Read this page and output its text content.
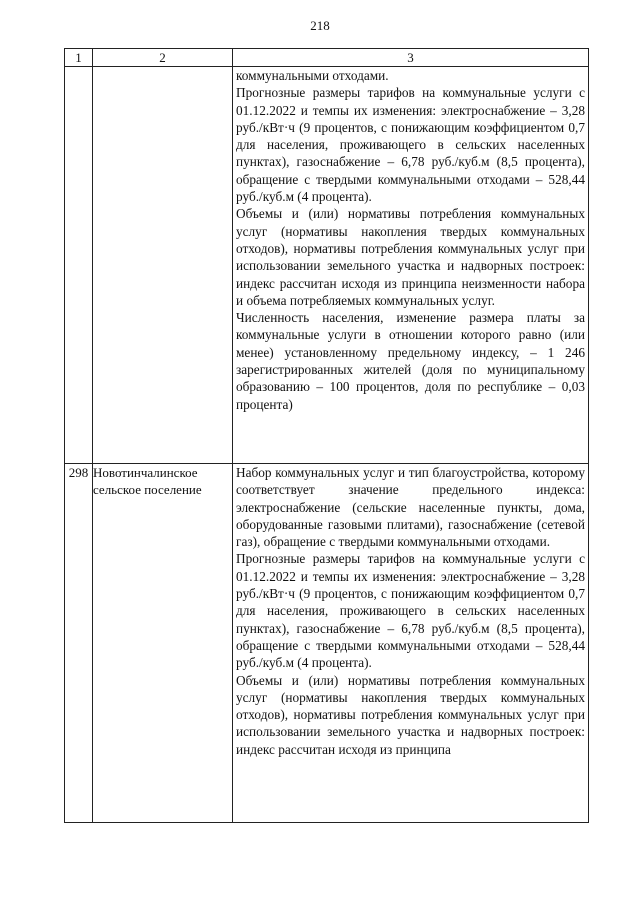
218
1	2	3

		коммунальными отходами.

Прогнозные размеры тарифов на коммунальные услуги с 01.12.2022 и темпы их изменения: электроснабжение – 3,28 руб./кВт·ч (9 процентов, с понижающим коэффициентом 0,7 для населения, проживающего в сельских населенных пунктах), газоснабжение – 6,78 руб./куб.м (8,5 процента), обращение с твердыми коммунальными отходами – 528,44 руб./куб.м (4 процента).

Объемы и (или) нормативы потребления коммунальных услуг (нормативы накопления твердых коммунальных отходов), нормативы потребления коммунальных услуг при использовании земельного участка и надворных построек: индекс рассчитан исходя из принципа неизменности набора и объема потребляемых коммунальных услуг.

Численность населения, изменение размера платы за коммунальные услуги в отношении которого равно (или менее) установленному предельному индексу, – 1 246 зарегистрированных жителей (доля по муниципальному образованию – 100 процентов, доля по республике – 0,03 процента)

298	Новотинчалинское сельское поселение	Набор коммунальных услуг и тип благоустройства, которому соответствует значение предельного индекса: электроснабжение (сельские населенные пункты, дома, оборудованные газовыми плитами), газоснабжение (сетевой газ), обращение с твердыми коммунальными отходами.

Прогнозные размеры тарифов на коммунальные услуги с 01.12.2022 и темпы их изменения: электроснабжение – 3,28 руб./кВт·ч (9 процентов, с понижающим коэффициентом 0,7 для населения, проживающего в сельских населенных пунктах), газоснабжение – 6,78 руб./куб.м (8,5 процента), обращение с твердыми коммунальными отходами – 528,44 руб./куб.м (4 процента).

Объемы и (или) нормативы потребления коммунальных услуг (нормативы накопления твердых коммунальных отходов), нормативы потребления коммунальных услуг при использовании земельного участка и надворных построек: индекс рассчитан исходя из принципа
